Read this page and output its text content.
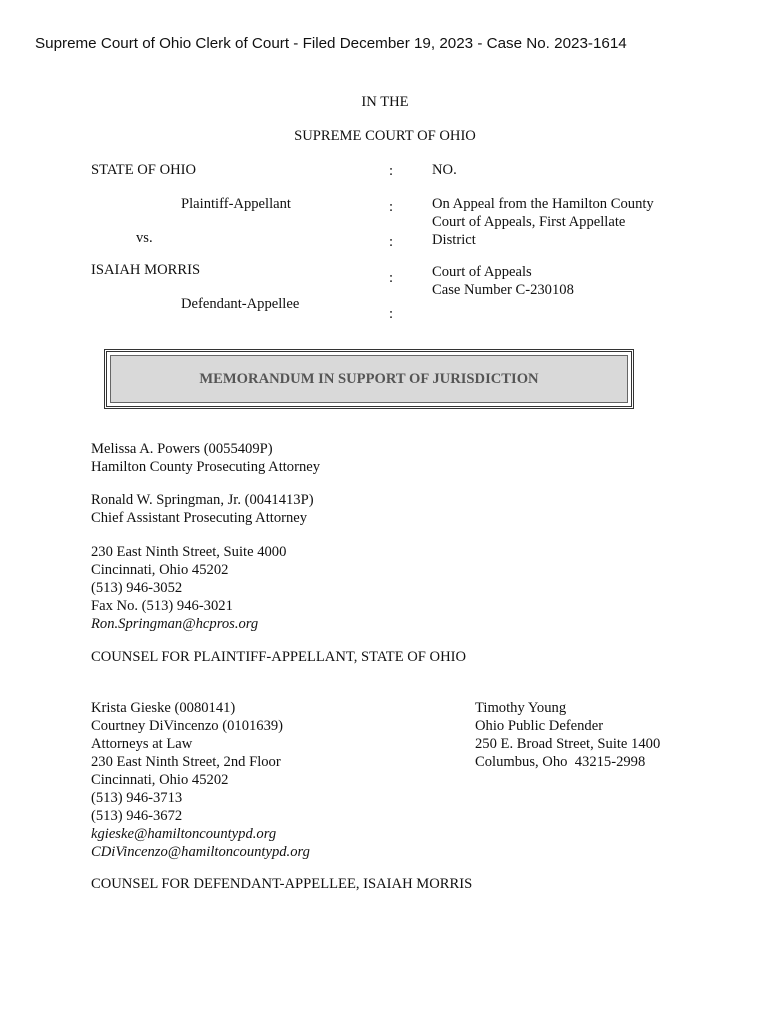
Supreme Court of Ohio Clerk of Court - Filed December 19, 2023 - Case No. 2023-1614
IN THE
SUPREME COURT OF OHIO
STATE OF OHIO
Plaintiff-Appellant
vs.
ISAIAH MORRIS
Defendant-Appellee
:
:
:
:
:
NO.
On Appeal from the Hamilton County
Court of Appeals, First Appellate
District
Court of Appeals
Case Number C-230108
MEMORANDUM IN SUPPORT OF JURISDICTION
Melissa A. Powers (0055409P)
Hamilton County Prosecuting Attorney
Ronald W. Springman, Jr. (0041413P)
Chief Assistant Prosecuting Attorney
230 East Ninth Street, Suite 4000
Cincinnati, Ohio 45202
(513) 946-3052
Fax No. (513) 946-3021
Ron.Springman@hcpros.org
COUNSEL FOR PLAINTIFF-APPELLANT, STATE OF OHIO
Krista Gieske (0080141)
Courtney DiVincenzo (0101639)
Attorneys at Law
230 East Ninth Street, 2nd Floor
Cincinnati, Ohio 45202
(513) 946-3713
(513) 946-3672
kgieske@hamiltoncountypd.org
CDiVincenzo@hamiltoncountypd.org
Timothy Young
Ohio Public Defender
250 E. Broad Street, Suite 1400
Columbus, Oho  43215-2998
COUNSEL FOR DEFENDANT-APPELLEE, ISAIAH MORRIS
